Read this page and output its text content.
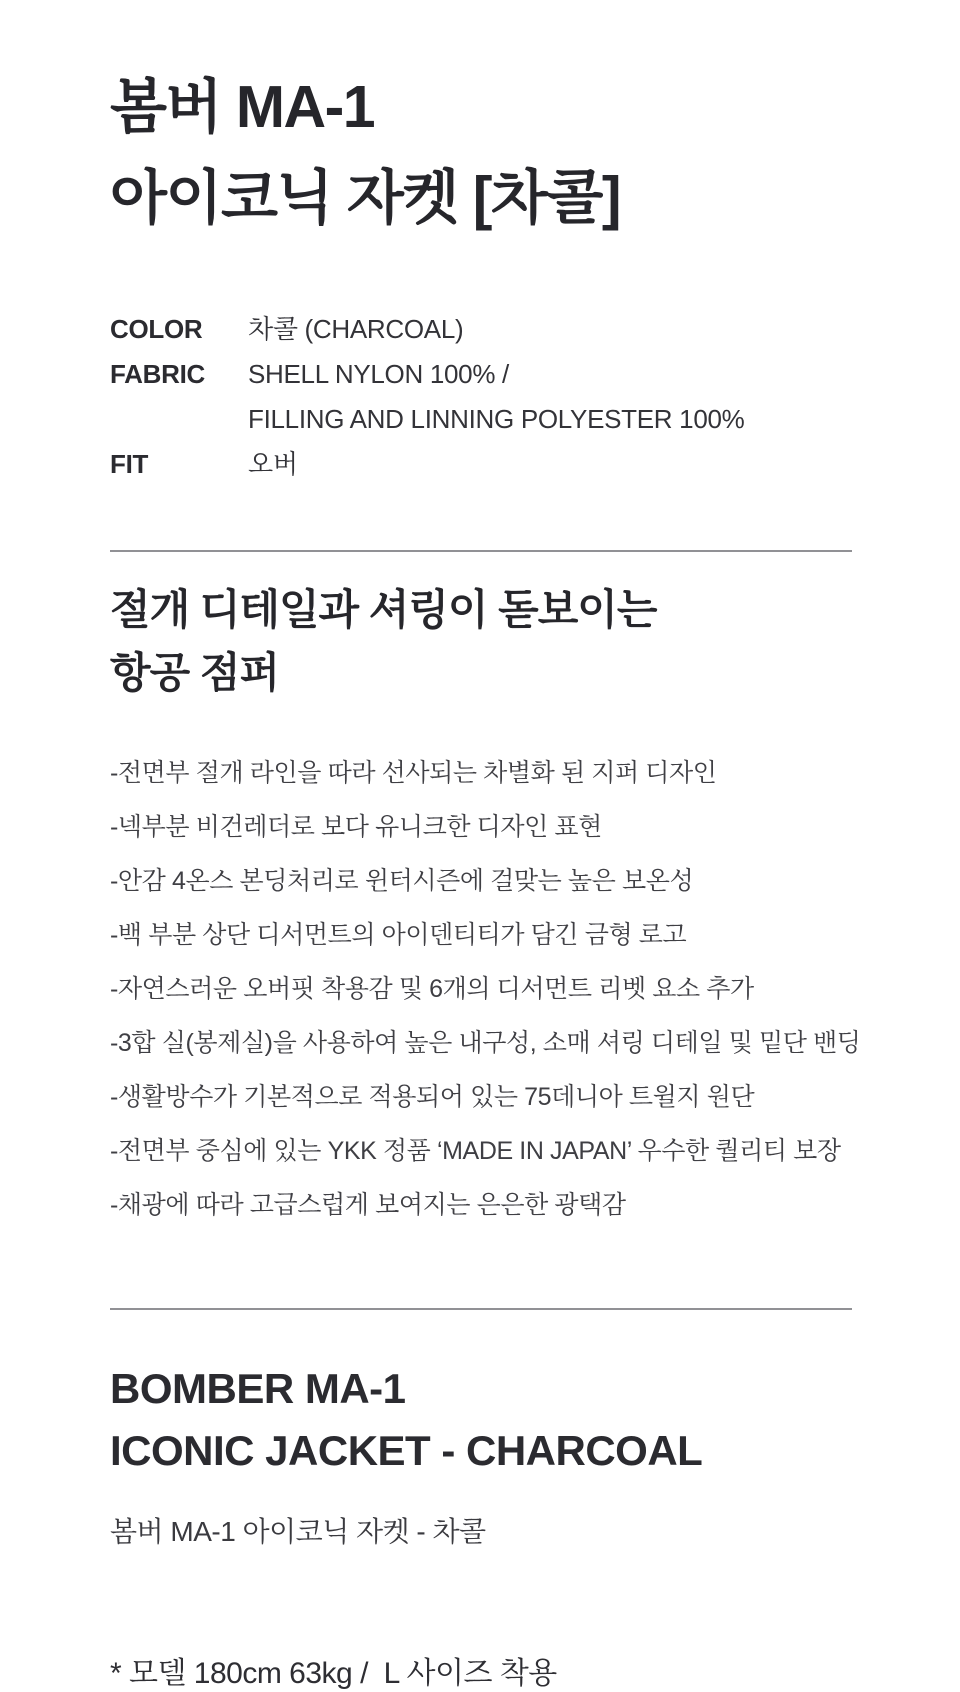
봄버 MA-1
아이코닉 자켓 [차콜]
COLOR	차콜 (CHARCOAL)
FABRIC	SHELL NYLON 100% /
FILLING AND LINNING POLYESTER 100%
FIT	오버
절개 디테일과 셔링이 돋보이는
항공 점퍼
-전면부 절개 라인을 따라 선사되는 차별화 된 지퍼 디자인
-넥부분 비건레더로 보다 유니크한 디자인 표현
-안감 4온스 본딩처리로 윈터시즌에 걸맞는 높은 보온성
-백 부분 상단 디서먼트의 아이덴티티가 담긴 금형 로고
-자연스러운 오버핏 착용감 및 6개의 디서먼트 리벳 요소 추가
-3합 실(봉제실)을 사용하여 높은 내구성, 소매 셔링 디테일 및 밑단 밴딩
-생활방수가 기본적으로 적용되어 있는 75데니아 트윌지 원단
-전면부 중심에 있는 YKK 정품 ‘MADE IN JAPAN’ 우수한 퀄리티 보장
-채광에 따라 고급스럽게 보여지는 은은한 광택감
BOMBER MA-1
ICONIC JACKET - CHARCOAL
봄버 MA-1 아이코닉 자켓 - 차콜
* 모델 180cm 63kg /  L 사이즈 착용
